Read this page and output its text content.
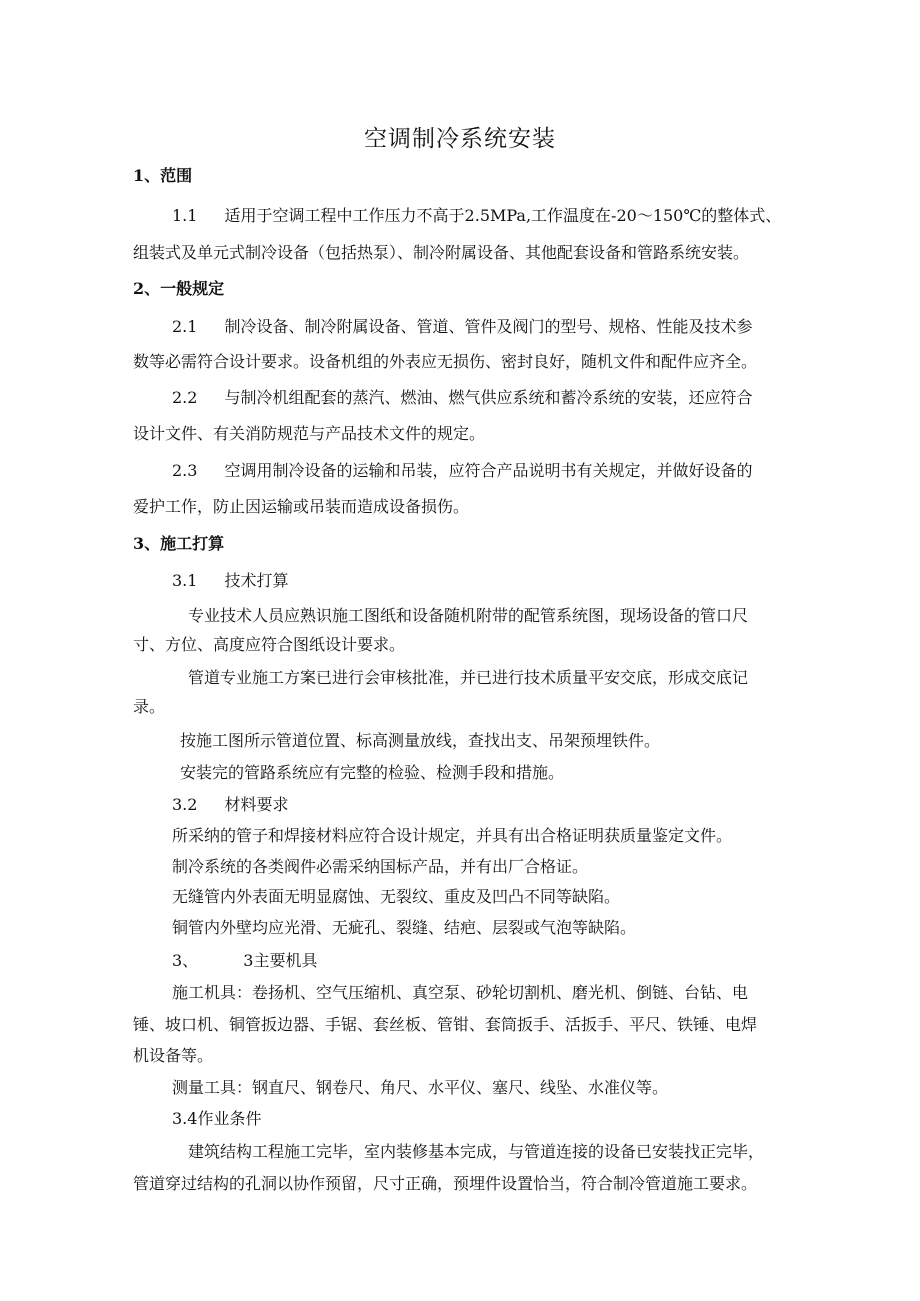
空调制冷系统安装
1、范围
1.1 适用于空调工程中工作压力不高于2.5MPa,工作温度在-20～150℃的整体式、
组装式及单元式制冷设备（包括热泵）、制冷附属设备、其他配套设备和管路系统安装。
2、一般规定
2.1 制冷设备、制冷附属设备、管道、管件及阀门的型号、规格、性能及技术参
数等必需符合设计要求。设备机组的外表应无损伤、密封良好，随机文件和配件应齐全。
2.2 与制冷机组配套的蒸汽、燃油、燃气供应系统和蓄冷系统的安装，还应符合
设计文件、有关消防规范与产品技术文件的规定。
2.3 空调用制冷设备的运输和吊装，应符合产品说明书有关规定，并做好设备的
爱护工作，防止因运输或吊装而造成设备损伤。
3、施工打算
3.1 技术打算
专业技术人员应熟识施工图纸和设备随机附带的配管系统图，现场设备的管口尺
寸、方位、高度应符合图纸设计要求。
管道专业施工方案已进行会审核批准，并已进行技术质量平安交底，形成交底记
录。
按施工图所示管道位置、标高测量放线，查找出支、吊架预埋铁件。
安装完的管路系统应有完整的检验、检测手段和措施。
3.2 材料要求
所采纳的管子和焊接材料应符合设计规定，并具有出合格证明获质量鉴定文件。
制冷系统的各类阀件必需采纳国标产品，并有出厂合格证。
无缝管内外表面无明显腐蚀、无裂纹、重皮及凹凸不同等缺陷。
铜管内外壁均应光滑、无疵孔、裂缝、结疤、层裂或气泡等缺陷。
3、	3主要机具
施工机具：卷扬机、空气压缩机、真空泵、砂轮切割机、磨光机、倒链、台钻、电
锤、坡口机、铜管扳边器、手锯、套丝板、管钳、套筒扳手、活扳手、平尺、铁锤、电焊
机设备等。
测量工具：钢直尺、钢卷尺、角尺、水平仪、塞尺、线坠、水准仪等。
3.4作业条件
建筑结构工程施工完毕，室内装修基本完成，与管道连接的设备已安装找正完毕，
管道穿过结构的孔洞以协作预留，尺寸正确，预埋件设置恰当，符合制冷管道施工要求。
